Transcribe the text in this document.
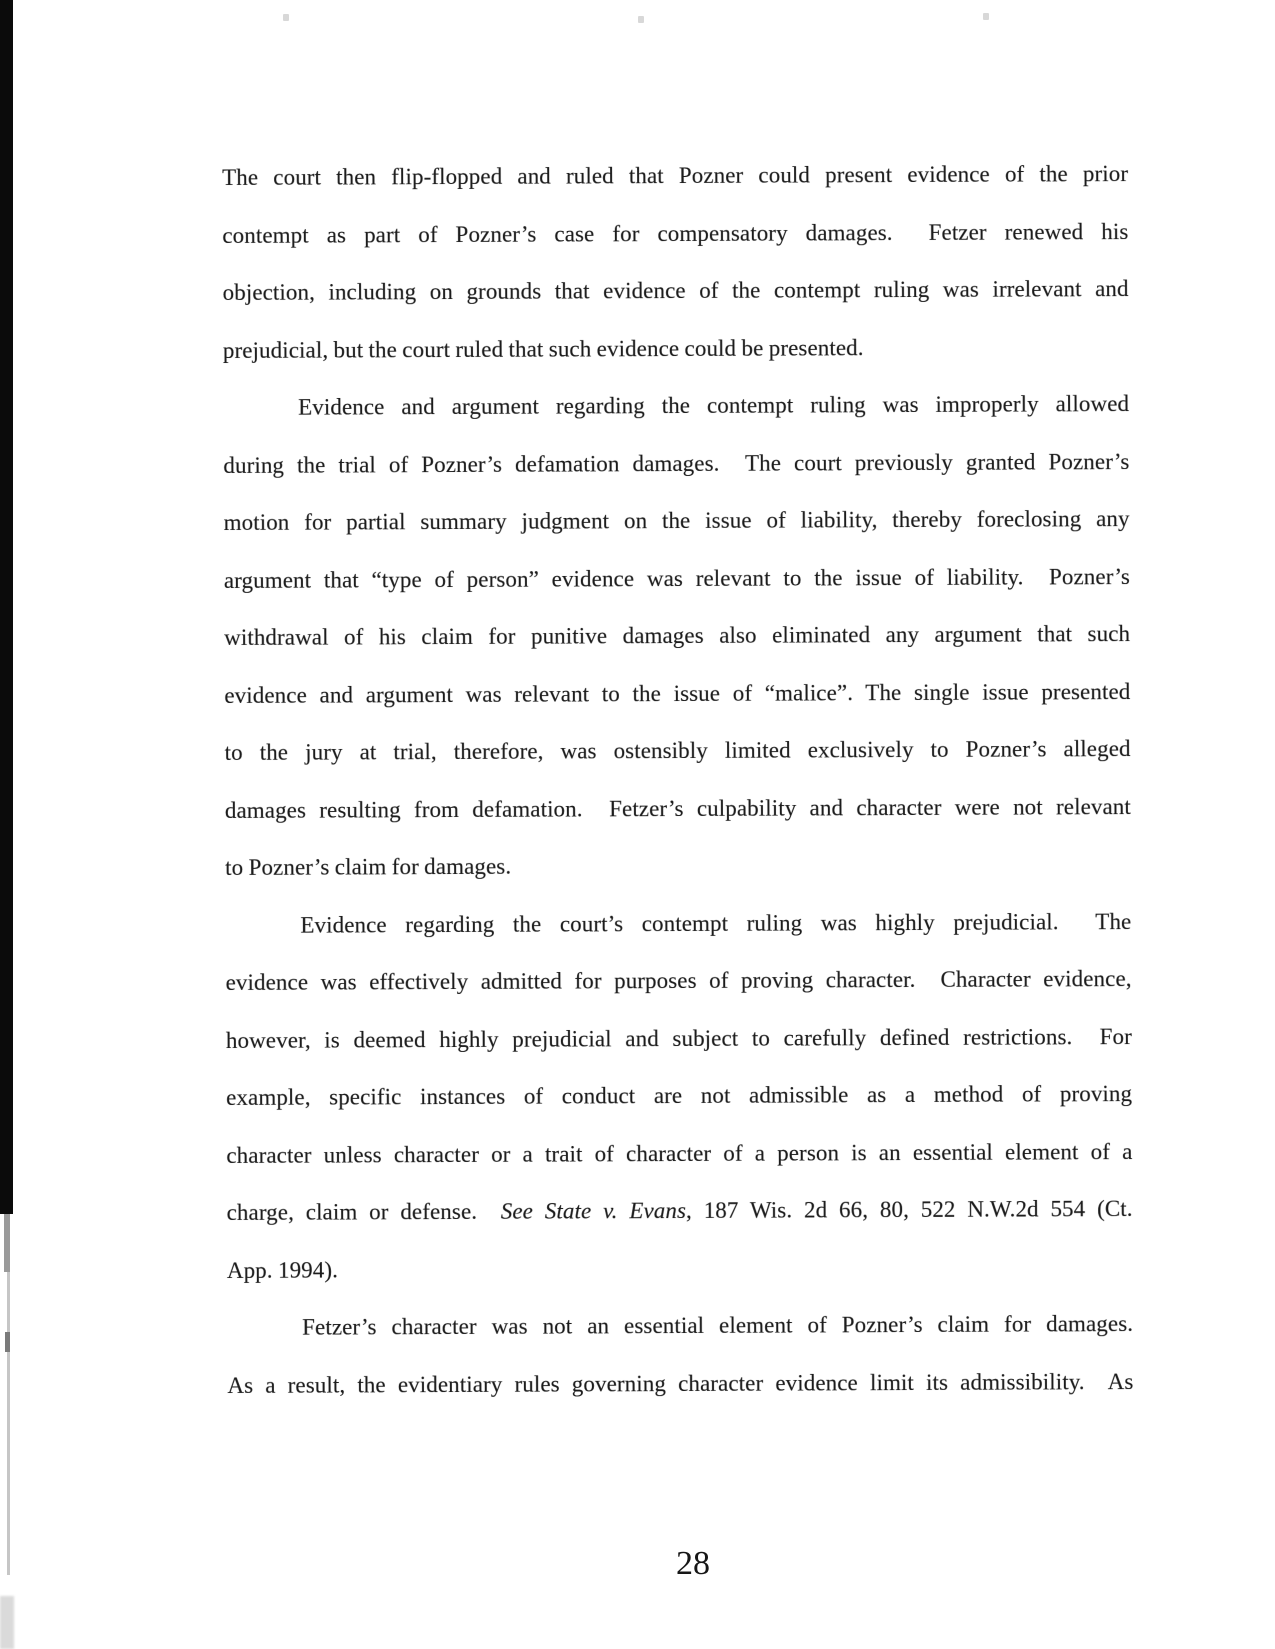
The court then flip-flopped and ruled that Pozner could present evidence of the prior
contempt as part of Pozner’s case for compensatory damages.  Fetzer renewed his
objection, including on grounds that evidence of the contempt ruling was irrelevant and
prejudicial, but the court ruled that such evidence could be presented.
Evidence and argument regarding the contempt ruling was improperly allowed
during the trial of Pozner’s defamation damages.  The court previously granted Pozner’s
motion for partial summary judgment on the issue of liability, thereby foreclosing any
argument that “type of person” evidence was relevant to the issue of liability.  Pozner’s
withdrawal of his claim for punitive damages also eliminated any argument that such
evidence and argument was relevant to the issue of “malice”. The single issue presented
to the jury at trial, therefore, was ostensibly limited exclusively to Pozner’s alleged
damages resulting from defamation.  Fetzer’s culpability and character were not relevant
to Pozner’s claim for damages.
Evidence regarding the court’s contempt ruling was highly prejudicial.  The
evidence was effectively admitted for purposes of proving character.  Character evidence,
however, is deemed highly prejudicial and subject to carefully defined restrictions.  For
example, specific instances of conduct are not admissible as a method of proving
character unless character or a trait of character of a person is an essential element of a
charge, claim or defense.  See State v. Evans, 187 Wis. 2d 66, 80, 522 N.W.2d 554 (Ct.
App. 1994).
Fetzer’s character was not an essential element of Pozner’s claim for damages.
As a result, the evidentiary rules governing character evidence limit its admissibility.  As
28
